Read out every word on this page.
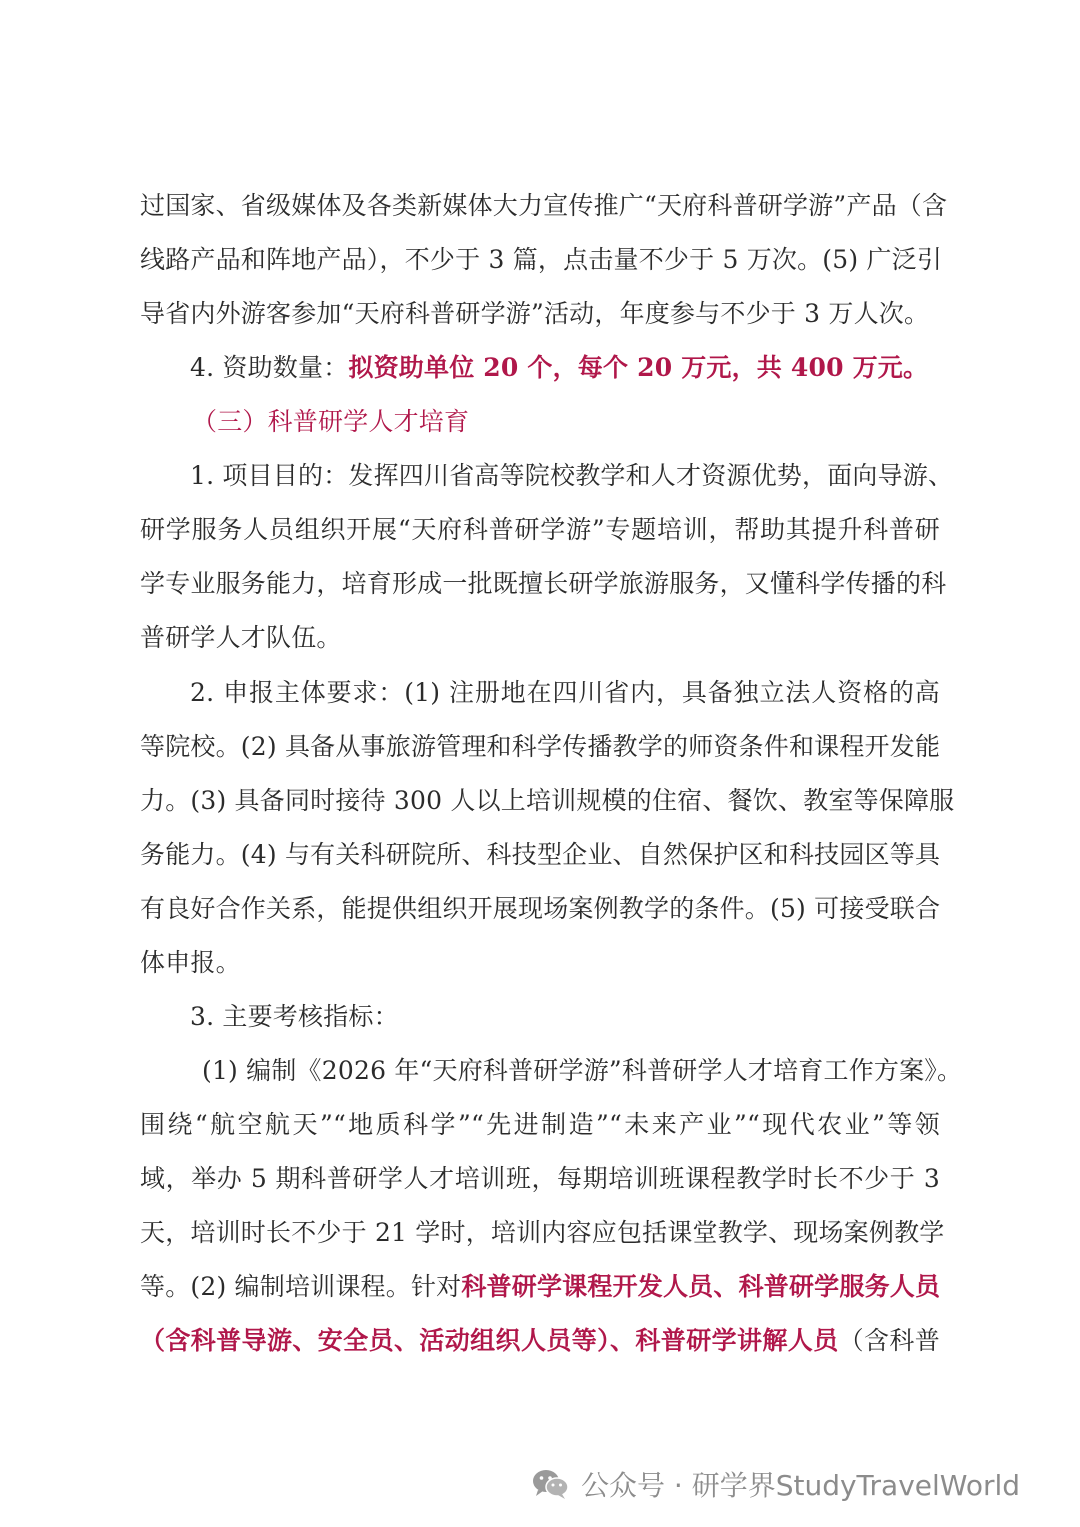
过国家、省级媒体及各类新媒体大力宣传推广“天府科普研学游”产品（含
线路产品和阵地产品），不少于 3 篇，点击量不少于 5 万次。(5) 广泛引
导省内外游客参加“天府科普研学游”活动，年度参与不少于 3 万人次。
4. 资助数量：拟资助单位 20 个，每个 20 万元，共 400 万元。
（三）科普研学人才培育
1. 项目目的：发挥四川省高等院校教学和人才资源优势，面向导游、
研学服务人员组织开展“天府科普研学游”专题培训，帮助其提升科普研
学专业服务能力，培育形成一批既擅长研学旅游服务，又懂科学传播的科
普研学人才队伍。
2. 申报主体要求：(1) 注册地在四川省内，具备独立法人资格的高
等院校。(2) 具备从事旅游管理和科学传播教学的师资条件和课程开发能
力。(3) 具备同时接待 300 人以上培训规模的住宿、餐饮、教室等保障服
务能力。(4) 与有关科研院所、科技型企业、自然保护区和科技园区等具
有良好合作关系，能提供组织开展现场案例教学的条件。(5) 可接受联合
体申报。
3. 主要考核指标：
(1) 编制《2026 年“天府科普研学游”科普研学人才培育工作方案》。
围绕“航空航天”“地质科学”“先进制造”“未来产业”“现代农业”等领
域，举办 5 期科普研学人才培训班，每期培训班课程教学时长不少于 3
天，培训时长不少于 21 学时，培训内容应包括课堂教学、现场案例教学
等。(2) 编制培训课程。针对科普研学课程开发人员、科普研学服务人员
（含科普导游、安全员、活动组织人员等）、科普研学讲解人员（含科普
公众号 · 研学界StudyTravelWorld
